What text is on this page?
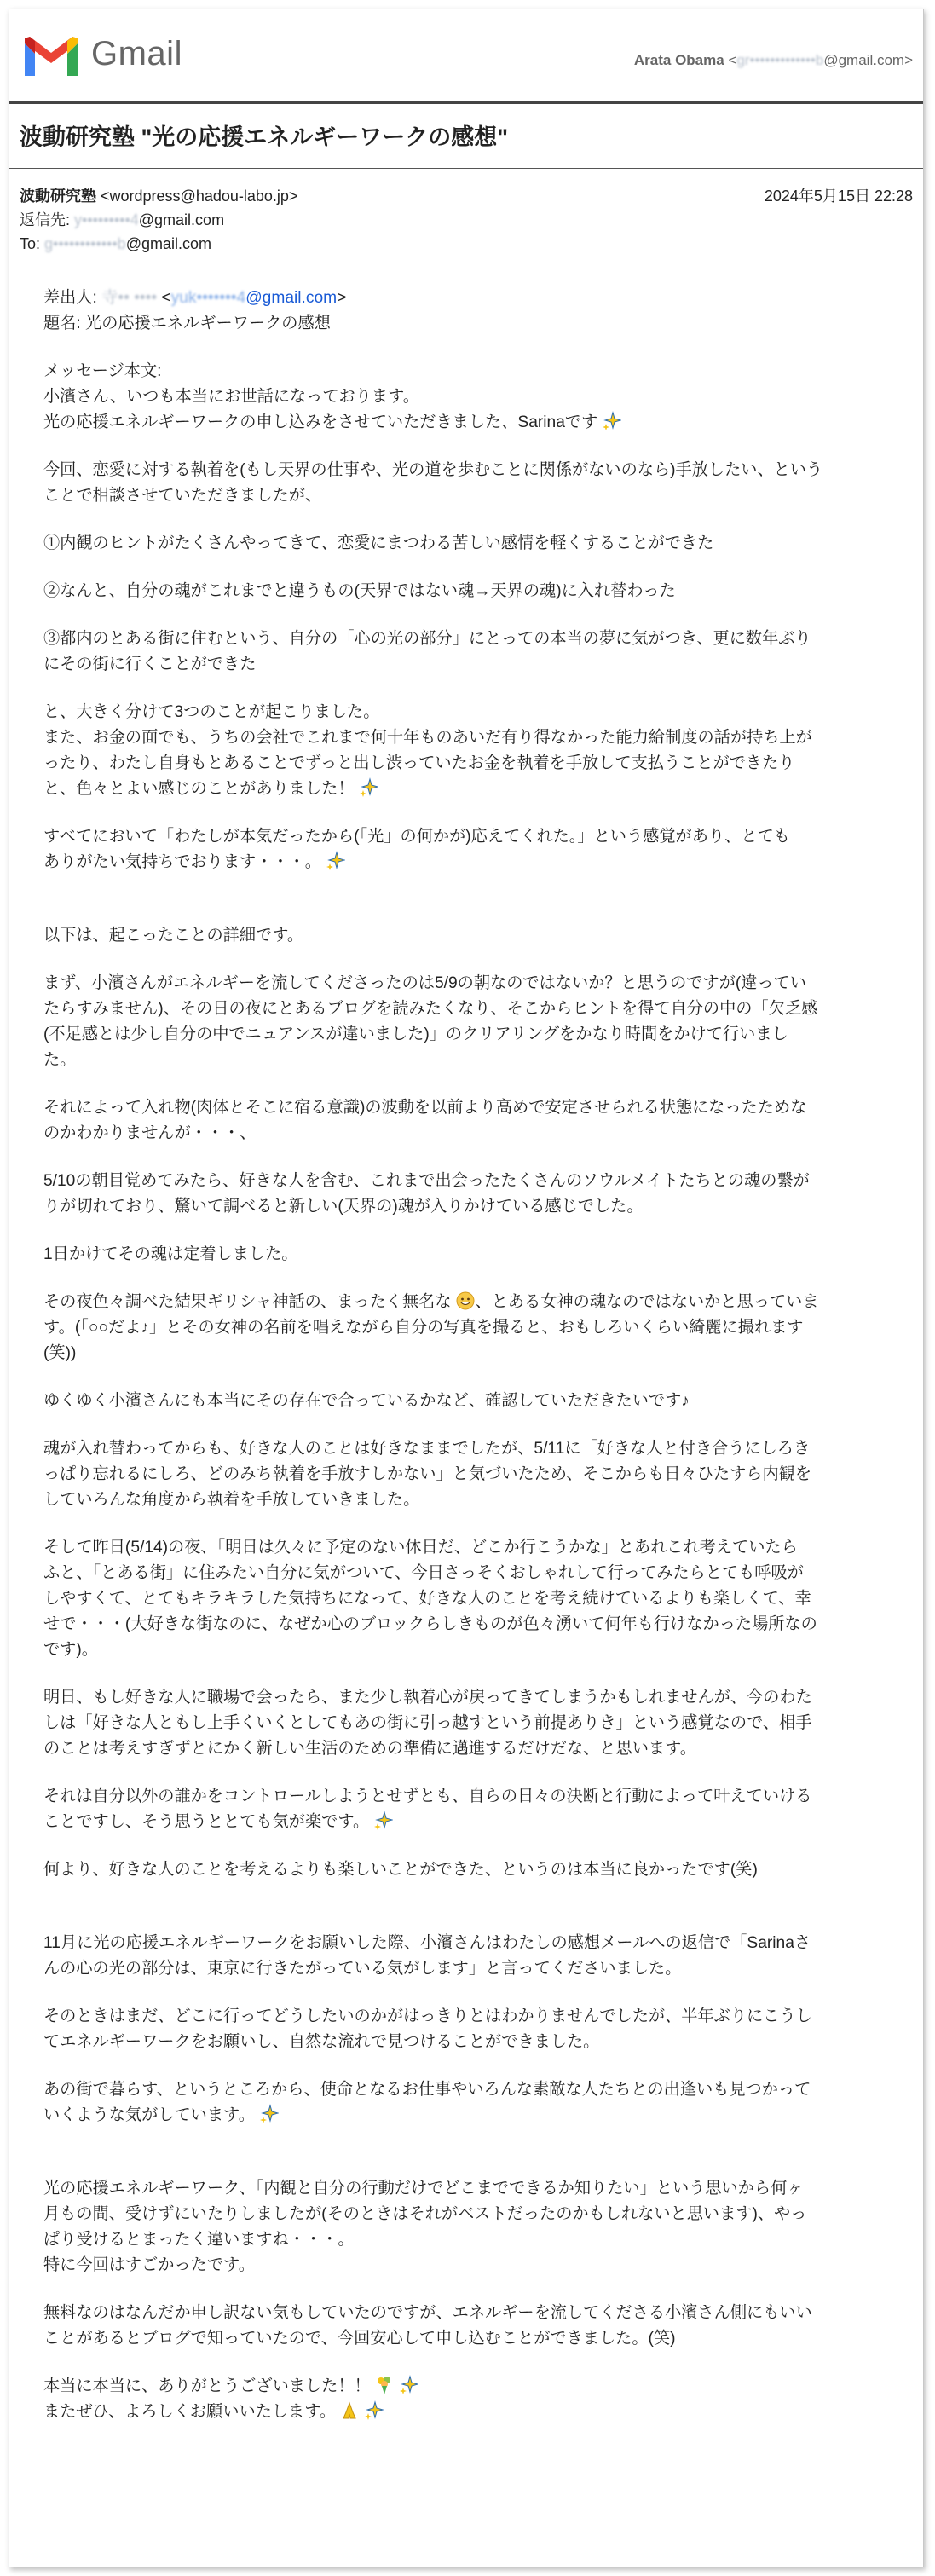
Gmail	Arata Obama <gr•••••••••••••b@gmail.com>
波動研究塾 "光の応援エネルギーワークの感想"
波動研究塾 <wordpress@hadou-labo.jp>	2024年5月15日 22:28
返信先: y•••••••••4@gmail.com
To: g••••••••••••b@gmail.com

差出人: 寺•• •••• <yuk•••••••4@gmail.com>

題名: 光の応援エネルギーワークの感想

メッセージ本文:

小濱さん、いつも本当にお世話になっております。

光の応援エネルギーワークの申し込みをさせていただきました、Sarinaです

今回、恋愛に対する執着を(もし天界の仕事や、光の道を歩むことに関係がないのなら)手放したい、という
ことで相談させていただきましたが、

①内観のヒントがたくさんやってきて、恋愛にまつわる苦しい感情を軽くすることができた

②なんと、自分の魂がこれまでと違うもの(天界ではない魂→天界の魂)に入れ替わった

③都内のとある街に住むという、自分の「心の光の部分」にとっての本当の夢に気がつき、更に数年ぶり
にその街に行くことができた

と、大きく分けて3つのことが起こりました。
また、お金の面でも、うちの会社でこれまで何十年ものあいだ有り得なかった能力給制度の話が持ち上が
ったり、わたし自身もとあることでずっと出し渋っていたお金を執着を手放して支払うことができたり
と、色々とよい感じのことがありました！

すべてにおいて「わたしが本気だったから(「光」の何かが)応えてくれた。」という感覚があり、とても
ありがたい気持ちでおります・・・。

以下は、起こったことの詳細です。

まず、小濱さんがエネルギーを流してくださったのは5/9の朝なのではないか？と思うのですが(違ってい
たらすみません)、その日の夜にとあるブログを読みたくなり、そこからヒントを得て自分の中の「欠乏感
(不足感とは少し自分の中でニュアンスが違いました)」のクリアリングをかなり時間をかけて行いまし
た。

それによって入れ物(肉体とそこに宿る意識)の波動を以前より高めで安定させられる状態になったためな
のかわかりませんが・・・、

5/10の朝目覚めてみたら、好きな人を含む、これまで出会ったたくさんのソウルメイトたちとの魂の繋が
りが切れており、驚いて調べると新しい(天界の)魂が入りかけている感じでした。

1日かけてその魂は定着しました。

その夜色々調べた結果ギリシャ神話の、まったく無名な 、とある女神の魂なのではないかと思っていま
す。(「○○だよ♪」とその女神の名前を唱えながら自分の写真を撮ると、おもしろいくらい綺麗に撮れます
(笑))

ゆくゆく小濱さんにも本当にその存在で合っているかなど、確認していただきたいです♪

魂が入れ替わってからも、好きな人のことは好きなままでしたが、5/11に「好きな人と付き合うにしろき
っぱり忘れるにしろ、どのみち執着を手放すしかない」と気づいたため、そこからも日々ひたすら内観を
していろんな角度から執着を手放していきました。

そして昨日(5/14)の夜、「明日は久々に予定のない休日だ、どこか行こうかな」とあれこれ考えていたら
ふと、「とある街」に住みたい自分に気がついて、今日さっそくおしゃれして行ってみたらとても呼吸が
しやすくて、とてもキラキラした気持ちになって、好きな人のことを考え続けているよりも楽しくて、幸
せで・・・(大好きな街なのに、なぜか心のブロックらしきものが色々湧いて何年も行けなかった場所なの
です)。

明日、もし好きな人に職場で会ったら、また少し執着心が戻ってきてしまうかもしれませんが、今のわた
しは「好きな人ともし上手くいくとしてもあの街に引っ越すという前提ありき」という感覚なので、相手
のことは考えすぎずとにかく新しい生活のための準備に邁進するだけだな、と思います。

それは自分以外の誰かをコントロールしようとせずとも、自らの日々の決断と行動によって叶えていける
ことですし、そう思うととても気が楽です。

何より、好きな人のことを考えるよりも楽しいことができた、というのは本当に良かったです(笑)

11月に光の応援エネルギーワークをお願いした際、小濱さんはわたしの感想メールへの返信で「Sarinaさ
んの心の光の部分は、東京に行きたがっている気がします」と言ってくださいました。

そのときはまだ、どこに行ってどうしたいのかがはっきりとはわかりませんでしたが、半年ぶりにこうし
てエネルギーワークをお願いし、自然な流れで見つけることができました。

あの街で暮らす、というところから、使命となるお仕事やいろんな素敵な人たちとの出逢いも見つかって
いくような気がしています。

光の応援エネルギーワーク、「内観と自分の行動だけでどこまでできるか知りたい」という思いから何ヶ
月もの間、受けずにいたりしましたが(そのときはそれがベストだったのかもしれないと思います)、やっ
ぱり受けるとまったく違いますね・・・。
特に今回はすごかったです。

無料なのはなんだか申し訳ない気もしていたのですが、エネルギーを流してくださる小濱さん側にもいい
ことがあるとブログで知っていたので、今回安心して申し込むことができました。(笑)

本当に本当に、ありがとうございました！！

またぜひ、よろしくお願いいたします。
